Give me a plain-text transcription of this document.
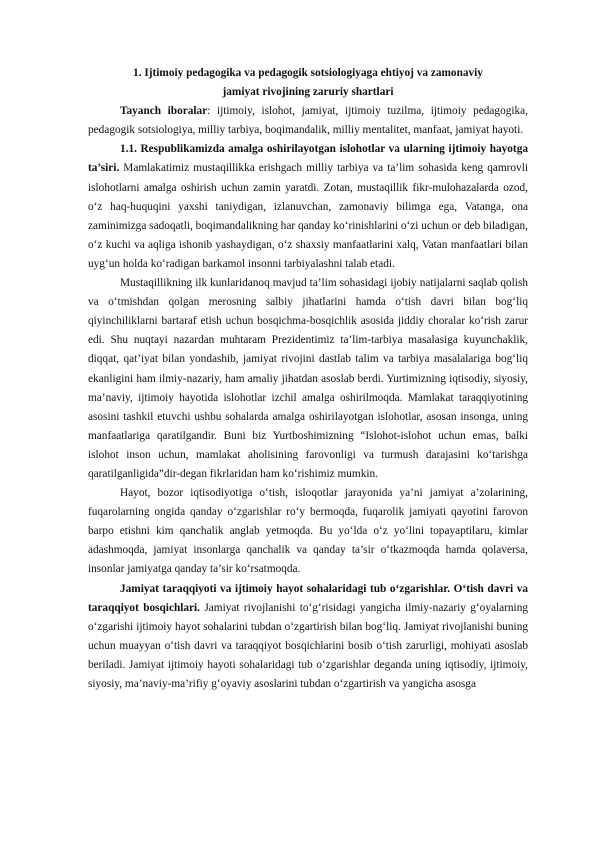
1. Ijtimoiy pedagogika va pedagogik sotsiologiyaga ehtiyoj va zamonaviy
jamiyat rivojining zaruriy shartlari

Tayanch iboralar: ijtimoiy, islohot, jamiyat, ijtimoiy tuzilma, ijtimoiy pedagogika, pedagogik sotsiologiya, milliy tarbiya, boqimandalik, milliy mentalitet, manfaat, jamiyat hayoti.

1.1. Respublikamizda amalga oshirilayotgan islohotlar va ularning ijtimoiy hayotga ta’siri. Mamlakatimiz mustaqillikka erishgach milliy tarbiya va ta’lim sohasida keng qamrovli islohotlarni amalga oshirish uchun zamin yaratdi. Zotan, mustaqillik fikr-mulohazalarda ozod, o‘z haq-huquqini yaxshi taniydigan, izlanuvchan, zamonaviy bilimga ega, Vatanga, ona zaminimizga sadoqatli, boqimandalikning har qanday ko‘rinishlarini o‘zi uchun or deb biladigan, o‘z kuchi va aqliga ishonib yashaydigan, o‘z shaxsiy manfaatlarini xalq, Vatan manfaatlari bilan uyg‘un holda ko‘radigan barkamol insonni tarbiyalashni talab etadi.

Mustaqillikning ilk kunlaridanoq mavjud ta’lim sohasidagi ijobiy natijalarni saqlab qolish va o‘tmishdan qolgan merosning salbiy jihatlarini hamda o‘tish davri bilan bog‘liq qiyinchiliklarni bartaraf etish uchun bosqichma-bosqichlik asosida jiddiy choralar ko‘rish zarur edi. Shu nuqtayi nazardan muhtaram Prezidentimiz ta’lim-tarbiya masalasiga kuyunchaklik, diqqat, qat’iyat bilan yondashib, jamiyat rivojini dastlab talim va tarbiya masalalariga bog‘liq ekanligini ham ilmiy-nazariy, ham amaliy jihatdan asoslab berdi. Yurtimizning iqtisodiy, siyosiy, ma’naviy, ijtimoiy hayotida islohotlar izchil amalga oshirilmoqda. Mamlakat taraqqiyotining asosini tashkil etuvchi ushbu sohalarda amalga oshirilayotgan islohotlar, asosan insonga, uning manfaatlariga qaratilgandir. Buni biz Yurtboshimizning “Islohot-islohot uchun emas, balki islohot inson uchun, mamlakat aholisining farovonligi va turmush darajasini ko‘tarishga qaratilganligida”dir-degan fikrlaridan ham ko‘rishimiz mumkin.

Hayot, bozor iqtisodiyotiga o‘tish, isloqotlar jarayonida ya’ni jamiyat a’zolarining, fuqarolarning ongida qanday o‘zgarishlar ro‘y bermoqda, fuqarolik jamiyati qayotini farovon barpo etishni kim qanchalik anglab yetmoqda. Bu yo‘lda o‘z yo‘lini topayaptilaru, kimlar adashmoqda, jamiyat insonlarga qanchalik va qanday ta’sir o‘tkazmoqda hamda qolaversa, insonlar jamiyatga qanday ta’sir ko‘rsatmoqda.

Jamiyat taraqqiyoti va ijtimoiy hayot sohalaridagi tub o‘zgarishlar. O‘tish davri va taraqqiyot bosqichlari. Jamiyat rivojlanishi to‘g‘risidagi yangicha ilmiy-nazariy g‘oyalarning o‘zgarishi ijtimoiy hayot sohalarini tubdan o‘zgartirish bilan bog‘liq. Jamiyat rivojlanishi buning uchun muayyan o‘tish davri va taraqqiyot bosqichlarini bosib o‘tish zarurligi, mohiyati asoslab beriladi. Jamiyat ijtimoiy hayoti sohalaridagi tub o‘zgarishlar deganda uning iqtisodiy, ijtimoiy, siyosiy, ma’naviy-ma’rifiy g‘oyaviy asoslarini tubdan o‘zgartirish va yangicha asosga
